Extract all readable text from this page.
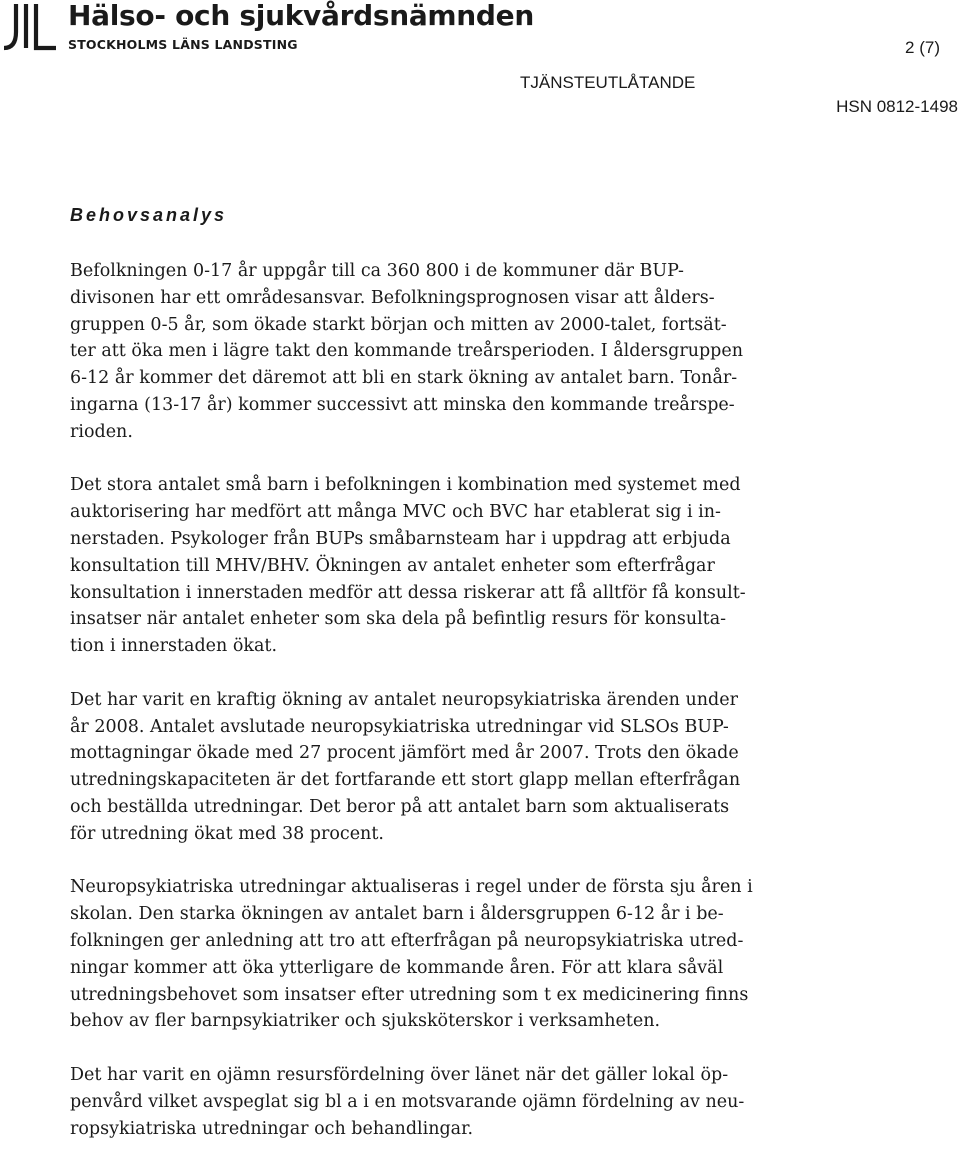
Hälso- och sjukvårdsnämnden
STOCKHOLMS LÄNS LANDSTING	2 (7)
TJÄNSTEUTLÅTANDE
HSN 0812-1498
Behovsanalys

Befolkningen 0-17 år uppgår till ca 360 800 i de kommuner där BUP-
divisonen har ett områdesansvar. Befolkningsprognosen visar att ålders-
gruppen 0-5 år, som ökade starkt början och mitten av 2000-talet, fortsät-
ter att öka men i lägre takt den kommande treårsperioden. I åldersgruppen
6-12 år kommer det däremot att bli en stark ökning av antalet barn. Tonår-
ingarna (13-17 år) kommer successivt att minska den kommande treårspe-
rioden.

Det stora antalet små barn i befolkningen i kombination med systemet med
auktorisering har medfört att många MVC och BVC har etablerat sig i in-
nerstaden. Psykologer från BUPs småbarnsteam har i uppdrag att erbjuda
konsultation till MHV/BHV. Ökningen av antalet enheter som efterfrågar
konsultation i innerstaden medför att dessa riskerar att få alltför få konsult-
insatser när antalet enheter som ska dela på befintlig resurs för konsulta-
tion i innerstaden ökat.

Det har varit en kraftig ökning av antalet neuropsykiatriska ärenden under
år 2008. Antalet avslutade neuropsykiatriska utredningar vid SLSOs BUP-
mottagningar ökade med 27 procent jämfört med år 2007. Trots den ökade
utredningskapaciteten är det fortfarande ett stort glapp mellan efterfrågan
och beställda utredningar. Det beror på att antalet barn som aktualiserats
för utredning ökat med 38 procent.

Neuropsykiatriska utredningar aktualiseras i regel under de första sju åren i
skolan. Den starka ökningen av antalet barn i åldersgruppen 6-12 år i be-
folkningen ger anledning att tro att efterfrågan på neuropsykiatriska utred-
ningar kommer att öka ytterligare de kommande åren. För att klara såväl
utredningsbehovet som insatser efter utredning som t ex medicinering finns
behov av fler barnpsykiatriker och sjuksköterskor i verksamheten.

Det har varit en ojämn resursfördelning över länet när det gäller lokal öp-
penvård vilket avspeglat sig bl a i en motsvarande ojämn fördelning av neu-
ropsykiatriska utredningar och behandlingar.
